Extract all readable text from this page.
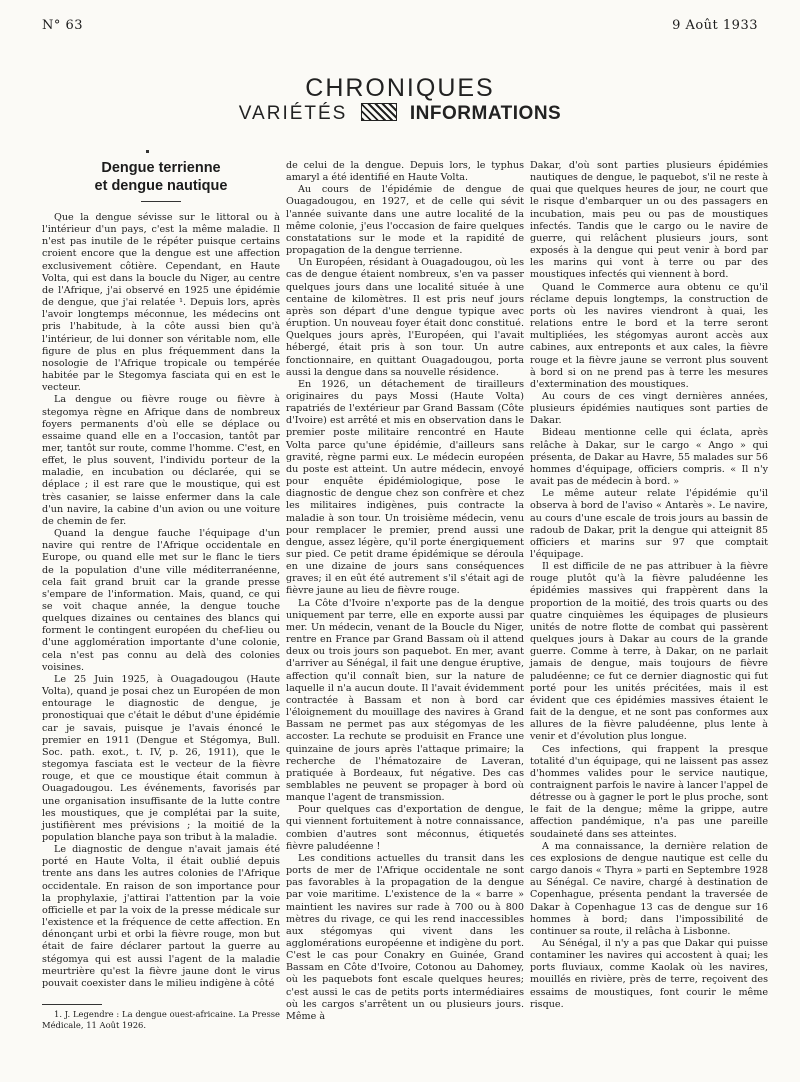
N° 63	9 Août 1933
CHRONIQUES
VARIÉTÉS	INFORMATIONS
Dengue terrienne
et dengue nautique

Que la dengue sévisse sur le littoral ou à l'intérieur d'un pays, c'est la même maladie. Il n'est pas inutile de le répéter puisque certains croient encore que la dengue est une affection exclusivement côtière. Cependant, en Haute Volta, qui est dans la boucle du Niger, au centre de l'Afrique, j'ai observé en 1925 une épidémie de dengue, que j'ai relatée ¹. Depuis lors, après l'avoir longtemps méconnue, les médecins ont pris l'habitude, à la côte aussi bien qu'à l'intérieur, de lui donner son véritable nom, elle figure de plus en plus fréquemment dans la nosologie de l'Afrique tropicale ou tempérée habitée par le Stegomya fasciata qui en est le vecteur.

La dengue ou fièvre rouge ou fièvre à stegomya règne en Afrique dans de nombreux foyers permanents d'où elle se déplace ou essaime quand elle en a l'occasion, tantôt par mer, tantôt sur route, comme l'homme. C'est, en effet, le plus souvent, l'individu porteur de la maladie, en incubation ou déclarée, qui se déplace ; il est rare que le moustique, qui est très casanier, se laisse enfermer dans la cale d'un navire, la cabine d'un avion ou une voiture de chemin de fer.

Quand la dengue fauche l'équipage d'un navire qui rentre de l'Afrique occidentale en Europe, ou quand elle met sur le flanc le tiers de la population d'une ville méditerranéenne, cela fait grand bruit car la grande presse s'empare de l'information. Mais, quand, ce qui se voit chaque année, la dengue touche quelques dizaines ou centaines des blancs qui forment le contingent européen du chef-lieu ou d'une agglomération importante d'une colonie, cela n'est pas connu au delà des colonies voisines.

Le 25 Juin 1925, à Ouagadougou (Haute Volta), quand je posai chez un Européen de mon entourage le diagnostic de dengue, je pronostiquai que c'était le début d'une épidémie car je savais, puisque je l'avais énoncé le premier en 1911 (Dengue et Stégomya, Bull. Soc. path. exot., t. IV, p. 26, 1911), que le stegomya fasciata est le vecteur de la fièvre rouge, et que ce moustique était commun à Ouagadougou. Les événements, favorisés par une organisation insuffisante de la lutte contre les moustiques, que je complétai par la suite, justifièrent mes prévisions ; la moitié de la population blanche paya son tribut à la maladie.

Le diagnostic de dengue n'avait jamais été porté en Haute Volta, il était oublié depuis trente ans dans les autres colonies de l'Afrique occidentale. En raison de son importance pour la prophylaxie, j'attirai l'attention par la voie officielle et par la voix de la presse médicale sur l'existence et la fréquence de cette affection. En dénonçant urbi et orbi la fièvre rouge, mon but était de faire déclarer partout la guerre au stégomya qui est aussi l'agent de la maladie meurtrière qu'est la fièvre jaune dont le virus pouvait coexister dans le milieu indigène à côté

1. J. Legendre : La dengue ouest-africaine. La Presse Médicale, 11 Août 1926.

de celui de la dengue. Depuis lors, le typhus amaryl a été identifié en Haute Volta.

Au cours de l'épidémie de dengue de Ouagadougou, en 1927, et de celle qui sévit l'année suivante dans une autre localité de la même colonie, j'eus l'occasion de faire quelques constatations sur le mode et la rapidité de propagation de la dengue terrienne.

Un Européen, résidant à Ouagadougou, où les cas de dengue étaient nombreux, s'en va passer quelques jours dans une localité située à une centaine de kilomètres. Il est pris neuf jours après son départ d'une dengue typique avec éruption. Un nouveau foyer était donc constitué. Quelques jours après, l'Européen, qui l'avait hébergé, était pris à son tour. Un autre fonctionnaire, en quittant Ouagadougou, porta aussi la dengue dans sa nouvelle résidence.

En 1926, un détachement de tirailleurs originaires du pays Mossi (Haute Volta) rapatriés de l'extérieur par Grand Bassam (Côte d'Ivoire) est arrêté et mis en observation dans le premier poste militaire rencontré en Haute Volta parce qu'une épidémie, d'ailleurs sans gravité, règne parmi eux. Le médecin européen du poste est atteint. Un autre médecin, envoyé pour enquête épidémiologique, pose le diagnostic de dengue chez son confrère et chez les militaires indigènes, puis contracte la maladie à son tour. Un troisième médecin, venu pour remplacer le premier, prend aussi une dengue, assez légère, qu'il porte énergiquement sur pied. Ce petit drame épidémique se déroula en une dizaine de jours sans conséquences graves; il en eût été autrement s'il s'était agi de fièvre jaune au lieu de fièvre rouge.

La Côte d'Ivoire n'exporte pas de la dengue uniquement par terre, elle en exporte aussi par mer. Un médecin, venant de la Boucle du Niger, rentre en France par Grand Bassam où il attend deux ou trois jours son paquebot. En mer, avant d'arriver au Sénégal, il fait une dengue éruptive, affection qu'il connaît bien, sur la nature de laquelle il n'a aucun doute. Il l'avait évidemment contractée à Bassam et non à bord car l'éloignement du mouillage des navires à Grand Bassam ne permet pas aux stégomyas de les accoster. La rechute se produisit en France une quinzaine de jours après l'attaque primaire; la recherche de l'hématozaire de Laveran, pratiquée à Bordeaux, fut négative. Des cas semblables ne peuvent se propager à bord où manque l'agent de transmission.

Pour quelques cas d'exportation de dengue, qui viennent fortuitement à notre connaissance, combien d'autres sont méconnus, étiquetés fièvre paludéenne !

Les conditions actuelles du transit dans les ports de mer de l'Afrique occidentale ne sont pas favorables à la propagation de la dengue par voie maritime. L'existence de la « barre » maintient les navires sur rade à 700 ou à 800 mètres du rivage, ce qui les rend inaccessibles aux stégomyas qui vivent dans les agglomérations européenne et indigène du port. C'est le cas pour Conakry en Guinée, Grand Bassam en Côte d'Ivoire, Cotonou au Dahomey, où les paquebots font escale quelques heures; c'est aussi le cas de petits ports intermédiaires où les cargos s'arrêtent un ou plusieurs jours. Même à

Dakar, d'où sont parties plusieurs épidémies nautiques de dengue, le paquebot, s'il ne reste à quai que quelques heures de jour, ne court que le risque d'embarquer un ou des passagers en incubation, mais peu ou pas de moustiques infectés. Tandis que le cargo ou le navire de guerre, qui relâchent plusieurs jours, sont exposés à la dengue qui peut venir à bord par les marins qui vont à terre ou par des moustiques infectés qui viennent à bord.

Quand le Commerce aura obtenu ce qu'il réclame depuis longtemps, la construction de ports où les navires viendront à quai, les relations entre le bord et la terre seront multipliées, les stégomyas auront accès aux cabines, aux entreponts et aux cales, la fièvre rouge et la fièvre jaune se verront plus souvent à bord si on ne prend pas à terre les mesures d'extermination des moustiques.

Au cours de ces vingt dernières années, plusieurs épidémies nautiques sont parties de Dakar.

Bideau mentionne celle qui éclata, après relâche à Dakar, sur le cargo « Ango » qui présenta, de Dakar au Havre, 55 malades sur 56 hommes d'équipage, officiers compris. « Il n'y avait pas de médecin à bord. »

Le même auteur relate l'épidémie qu'il observa à bord de l'aviso « Antarès ». Le navire, au cours d'une escale de trois jours au bassin de radoub de Dakar, prit la dengue qui atteignit 85 officiers et marins sur 97 que comptait l'équipage.

Il est difficile de ne pas attribuer à la fièvre rouge plutôt qu'à la fièvre paludéenne les épidémies massives qui frappèrent dans la proportion de la moitié, des trois quarts ou des quatre cinquièmes les équipages de plusieurs unités de notre flotte de combat qui passèrent quelques jours à Dakar au cours de la grande guerre. Comme à terre, à Dakar, on ne parlait jamais de dengue, mais toujours de fièvre paludéenne; ce fut ce dernier diagnostic qui fut porté pour les unités précitées, mais il est évident que ces épidémies massives étaient le fait de la dengue, et ne sont pas conformes aux allures de la fièvre paludéenne, plus lente à venir et d'évolution plus longue.

Ces infections, qui frappent la presque totalité d'un équipage, qui ne laissent pas assez d'hommes valides pour le service nautique, contraignent parfois le navire à lancer l'appel de détresse ou à gagner le port le plus proche, sont le fait de la dengue; même la grippe, autre affection pandémique, n'a pas une pareille soudaineté dans ses atteintes.

A ma connaissance, la dernière relation de ces explosions de dengue nautique est celle du cargo danois « Thyra » parti en Septembre 1928 au Sénégal. Ce navire, chargé à destination de Copenhague, présenta pendant la traversée de Dakar à Copenhague 13 cas de dengue sur 16 hommes à bord; dans l'impossibilité de continuer sa route, il relâcha à Lisbonne.

Au Sénégal, il n'y a pas que Dakar qui puisse contaminer les navires qui accostent à quai; les ports fluviaux, comme Kaolak où les navires, mouillés en rivière, près de terre, reçoivent des essaims de moustiques, font courir le même risque.
